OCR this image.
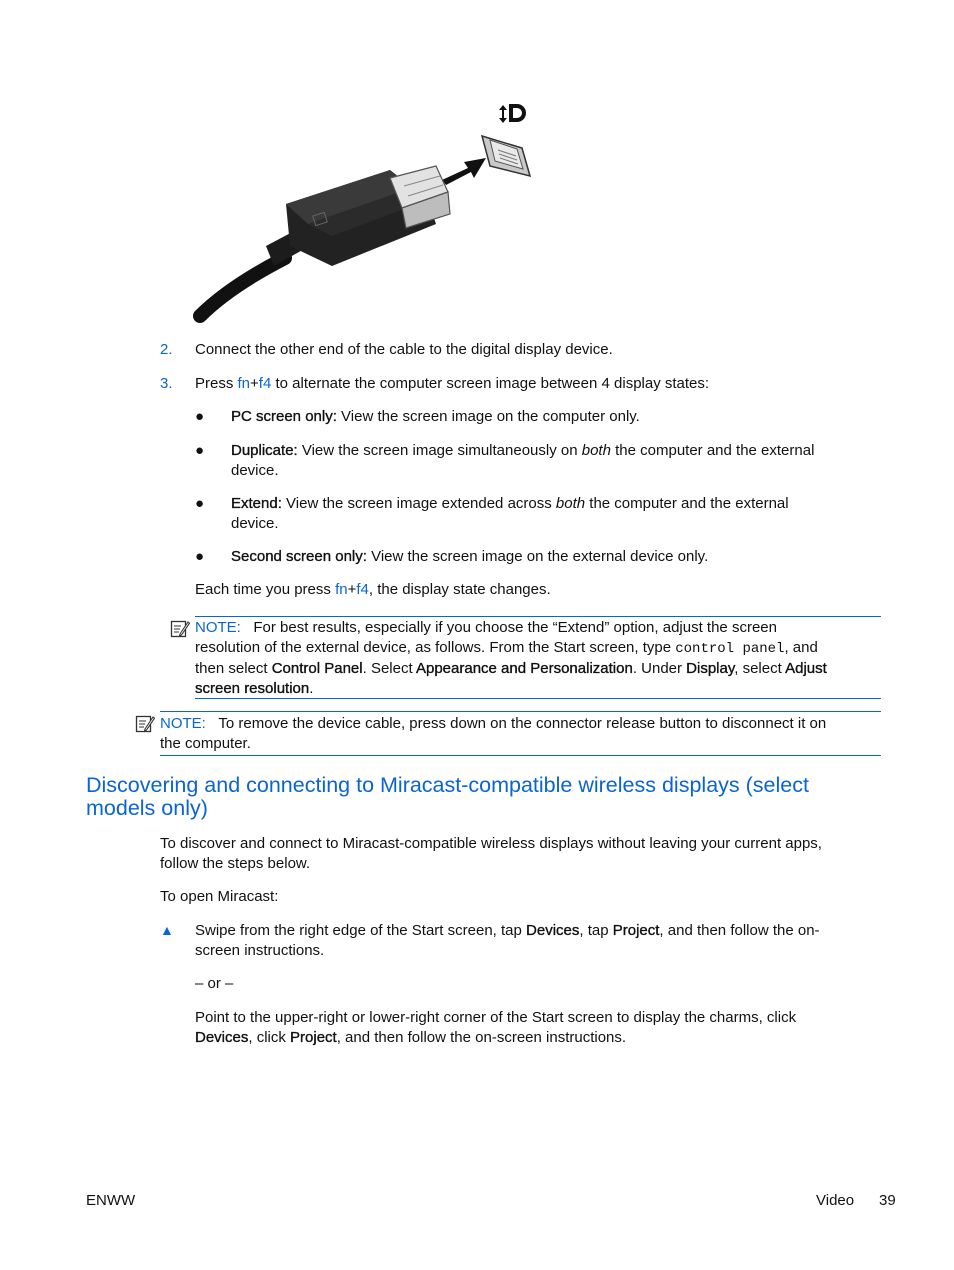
2. Connect the other end of the cable to the digital display device.
3. Press fn+f4 to alternate the computer screen image between 4 display states:
● PC screen only: View the screen image on the computer only.
● Duplicate: View the screen image simultaneously on both the computer and the external
device.
● Extend: View the screen image extended across both the computer and the external
device.
● Second screen only: View the screen image on the external device only.
Each time you press fn+f4, the display state changes.
NOTE: For best results, especially if you choose the “Extend” option, adjust the screen
resolution of the external device, as follows. From the Start screen, type control panel, and
then select Control Panel. Select Appearance and Personalization. Under Display, select Adjust
screen resolution.
NOTE: To remove the device cable, press down on the connector release button to disconnect it on
the computer.
Discovering and connecting to Miracast-compatible wireless displays (select
models only)
To discover and connect to Miracast-compatible wireless displays without leaving your current apps,
follow the steps below.
To open Miracast:
▲ Swipe from the right edge of the Start screen, tap Devices, tap Project, and then follow the on-
screen instructions.
– or –
Point to the upper-right or lower-right corner of the Start screen to display the charms, click
Devices, click Project, and then follow the on-screen instructions.
ENWW	Video 39
